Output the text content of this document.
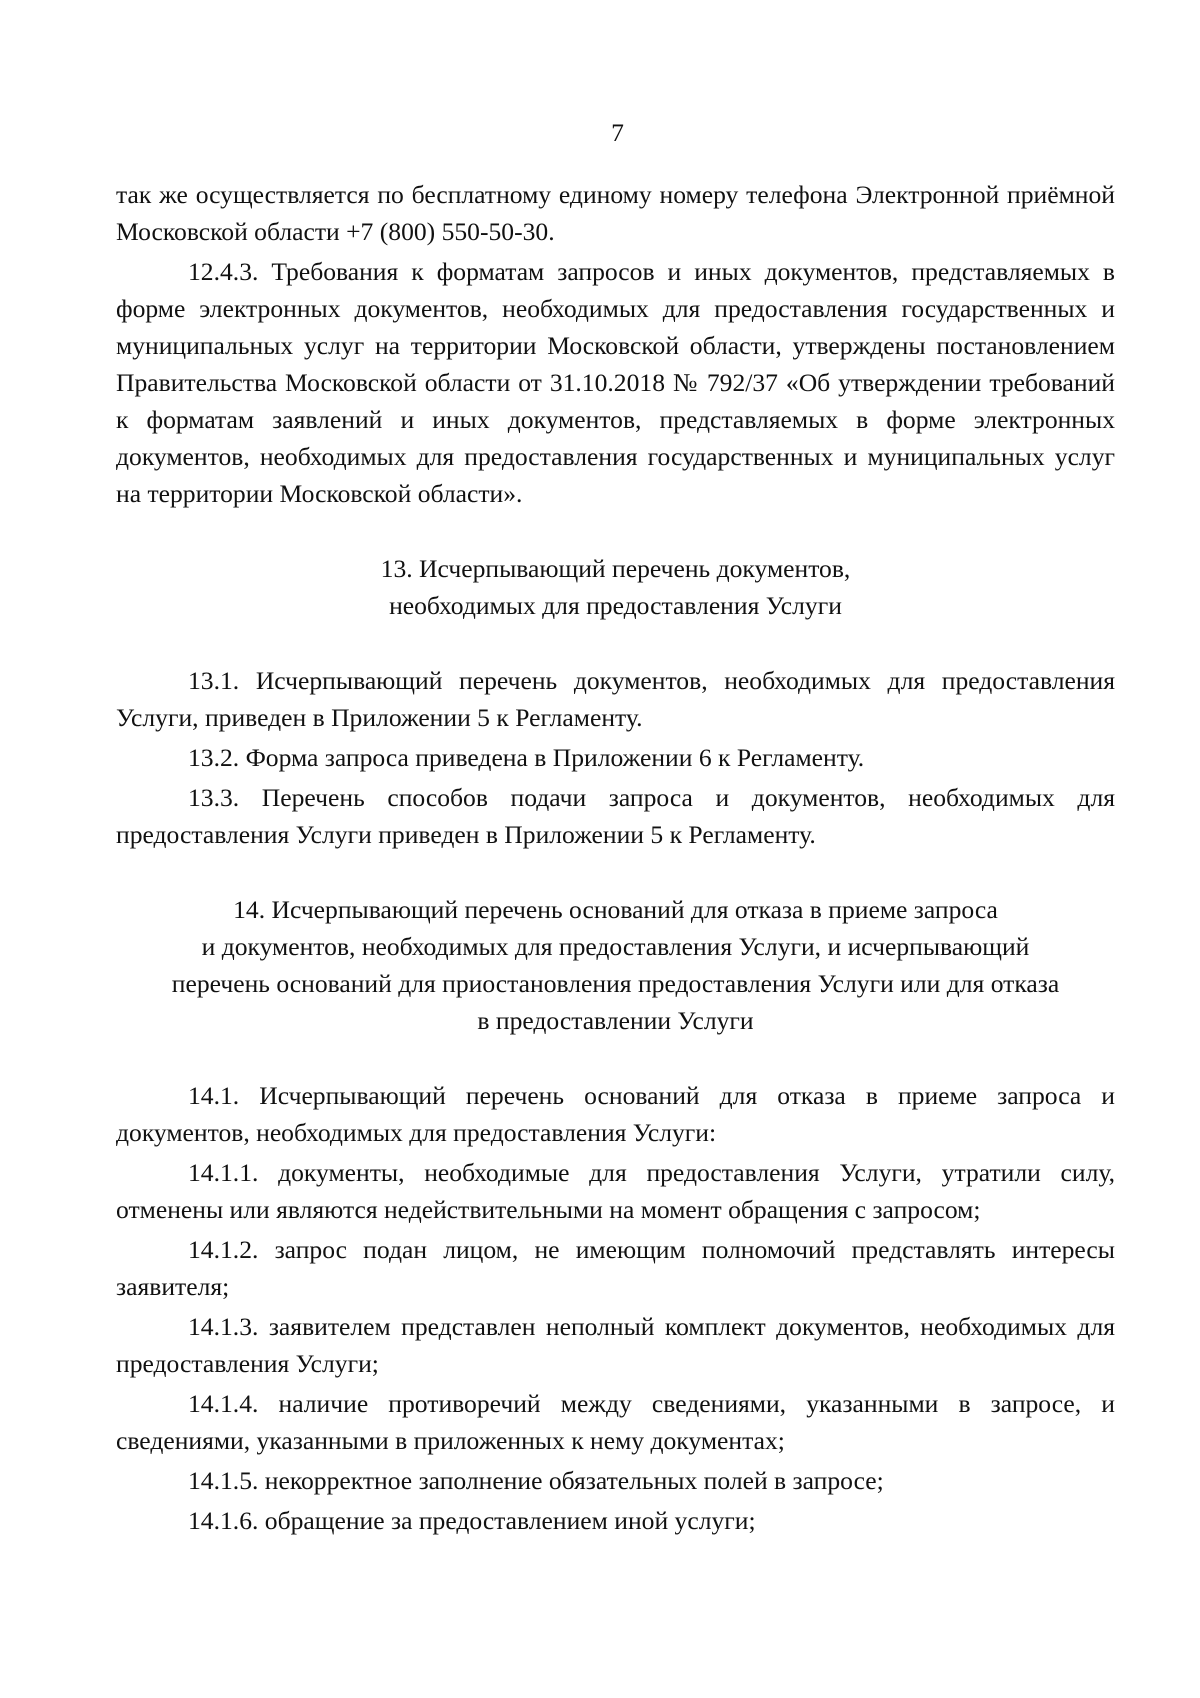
7

так же осуществляется по бесплатному единому номеру телефона Электронной приёмной Московской области +7 (800) 550-50-30.

12.4.3. Требования к форматам запросов и иных документов, представляемых в форме электронных документов, необходимых для предоставления государственных и муниципальных услуг на территории Московской области, утверждены постановлением Правительства Московской области от 31.10.2018 № 792/37 «Об утверждении требований к форматам заявлений и иных документов, представляемых в форме электронных документов, необходимых для предоставления государственных и муниципальных услуг на территории Московской области».

13. Исчерпывающий перечень документов,
необходимых для предоставления Услуги

13.1. Исчерпывающий перечень документов, необходимых для предоставления Услуги, приведен в Приложении 5 к Регламенту.

13.2. Форма запроса приведена в Приложении 6 к Регламенту.

13.3. Перечень способов подачи запроса и документов, необходимых для предоставления Услуги приведен в Приложении 5 к Регламенту.

14. Исчерпывающий перечень оснований для отказа в приеме запроса
и документов, необходимых для предоставления Услуги, и исчерпывающий
перечень оснований для приостановления предоставления Услуги или для отказа
в предоставлении Услуги

14.1. Исчерпывающий перечень оснований для отказа в приеме запроса и документов, необходимых для предоставления Услуги:

14.1.1. документы, необходимые для предоставления Услуги, утратили силу, отменены или являются недействительными на момент обращения с запросом;

14.1.2. запрос подан лицом, не имеющим полномочий представлять интересы заявителя;

14.1.3. заявителем представлен неполный комплект документов, необходимых для предоставления Услуги;

14.1.4. наличие противоречий между сведениями, указанными в запросе, и сведениями, указанными в приложенных к нему документах;

14.1.5. некорректное заполнение обязательных полей в запросе;

14.1.6. обращение за предоставлением иной услуги;
